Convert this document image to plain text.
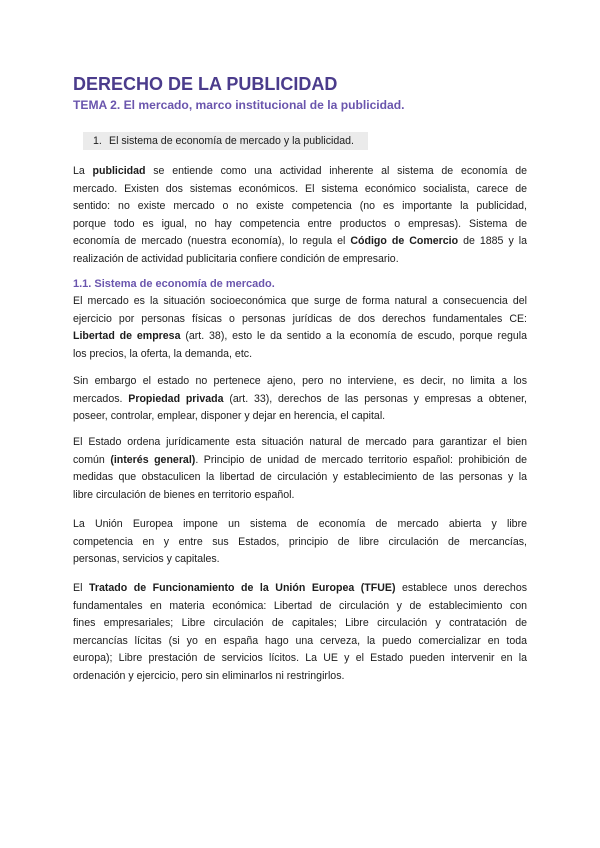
DERECHO DE LA PUBLICIDAD
TEMA 2. El mercado, marco institucional de la publicidad.
1. El sistema de economía de mercado y la publicidad.
La publicidad se entiende como una actividad inherente al sistema de economía de
mercado. Existen dos sistemas económicos. El sistema económico socialista, carece de
sentido: no existe mercado o no existe competencia (no es importante la publicidad,
porque todo es igual, no hay competencia entre productos o empresas). Sistema de
economía de mercado (nuestra economía), lo regula el Código de Comercio de 1885 y la
realización de actividad publicitaria confiere condición de empresario.
1.1. Sistema de economía de mercado.
El mercado es la situación socioeconómica que surge de forma natural a consecuencia del
ejercicio por personas físicas o personas jurídicas de dos derechos fundamentales CE:
Libertad de empresa (art. 38), esto le da sentido a la economía de escudo, porque regula
los precios, la oferta, la demanda, etc.
Sin embargo el estado no pertenece ajeno, pero no interviene, es decir, no limita a los
mercados. Propiedad privada (art. 33), derechos de las personas y empresas a obtener,
poseer, controlar, emplear, disponer y dejar en herencia, el capital.
El Estado ordena jurídicamente esta situación natural de mercado para garantizar el bien
común (interés general). Principio de unidad de mercado territorio español: prohibición de
medidas que obstaculicen la libertad de circulación y establecimiento de las personas y la
libre circulación de bienes en territorio español.
La Unión Europea impone un sistema de economía de mercado abierta y libre
competencia en y entre sus Estados, principio de libre circulación de mercancías,
personas, servicios y capitales.
El Tratado de Funcionamiento de la Unión Europea (TFUE) establece unos derechos
fundamentales en materia económica: Libertad de circulación y de establecimiento con
fines empresariales; Libre circulación de capitales; Libre circulación y contratación de
mercancías lícitas (si yo en españa hago una cerveza, la puedo comercializar en toda
europa); Libre prestación de servicios lícitos. La UE y el Estado pueden intervenir en la
ordenación y ejercicio, pero sin eliminarlos ni restringirlos.
